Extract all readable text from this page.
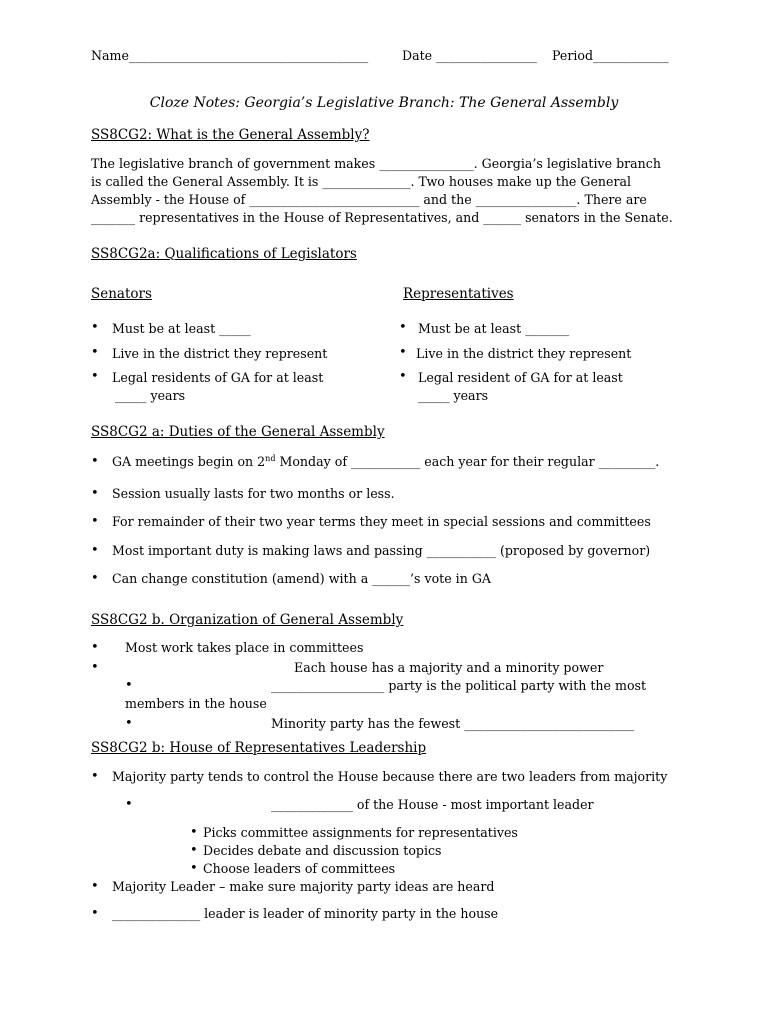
Name______________________________________	Date ________________ Period____________
Cloze Notes: Georgia’s Legislative Branch: The General Assembly
SS8CG2: What is the General Assembly?
The legislative branch of government makes _______________. Georgia’s legislative branch
is called the General Assembly. It is ______________. Two houses make up the General
Assembly - the House of ___________________________ and the ________________. There are
_______ representatives in the House of Representatives, and ______ senators in the Senate.
SS8CG2a: Qualifications of Legislators
Senators	Representatives
• Must be at least _____
• Live in the district they represent
• Legal residents of GA for at least
_____ years
• Must be at least _______
• Live in the district they represent
• Legal resident of GA for at least
_____ years
SS8CG2 a: Duties of the General Assembly
• GA meetings begin on 2nd Monday of ___________ each year for their regular _________.
• Session usually lasts for two months or less.
• For remainder of their two year terms they meet in special sessions and committees
• Most important duty is making laws and passing ___________ (proposed by governor)
• Can change constitution (amend) with a ______’s vote in GA
SS8CG2 b. Organization of General Assembly
• Most work takes place in committees
•	Each house has a majority and a minority power
•	__________________ party is the political party with the most
members in the house
•	Minority party has the fewest ___________________________
SS8CG2 b: House of Representatives Leadership
• Majority party tends to control the House because there are two leaders from majority
•	_____________ of the House - most important leader
• Picks committee assignments for representatives
• Decides debate and discussion topics
• Choose leaders of committees
• Majority Leader – make sure majority party ideas are heard
• ______________ leader is leader of minority party in the house
